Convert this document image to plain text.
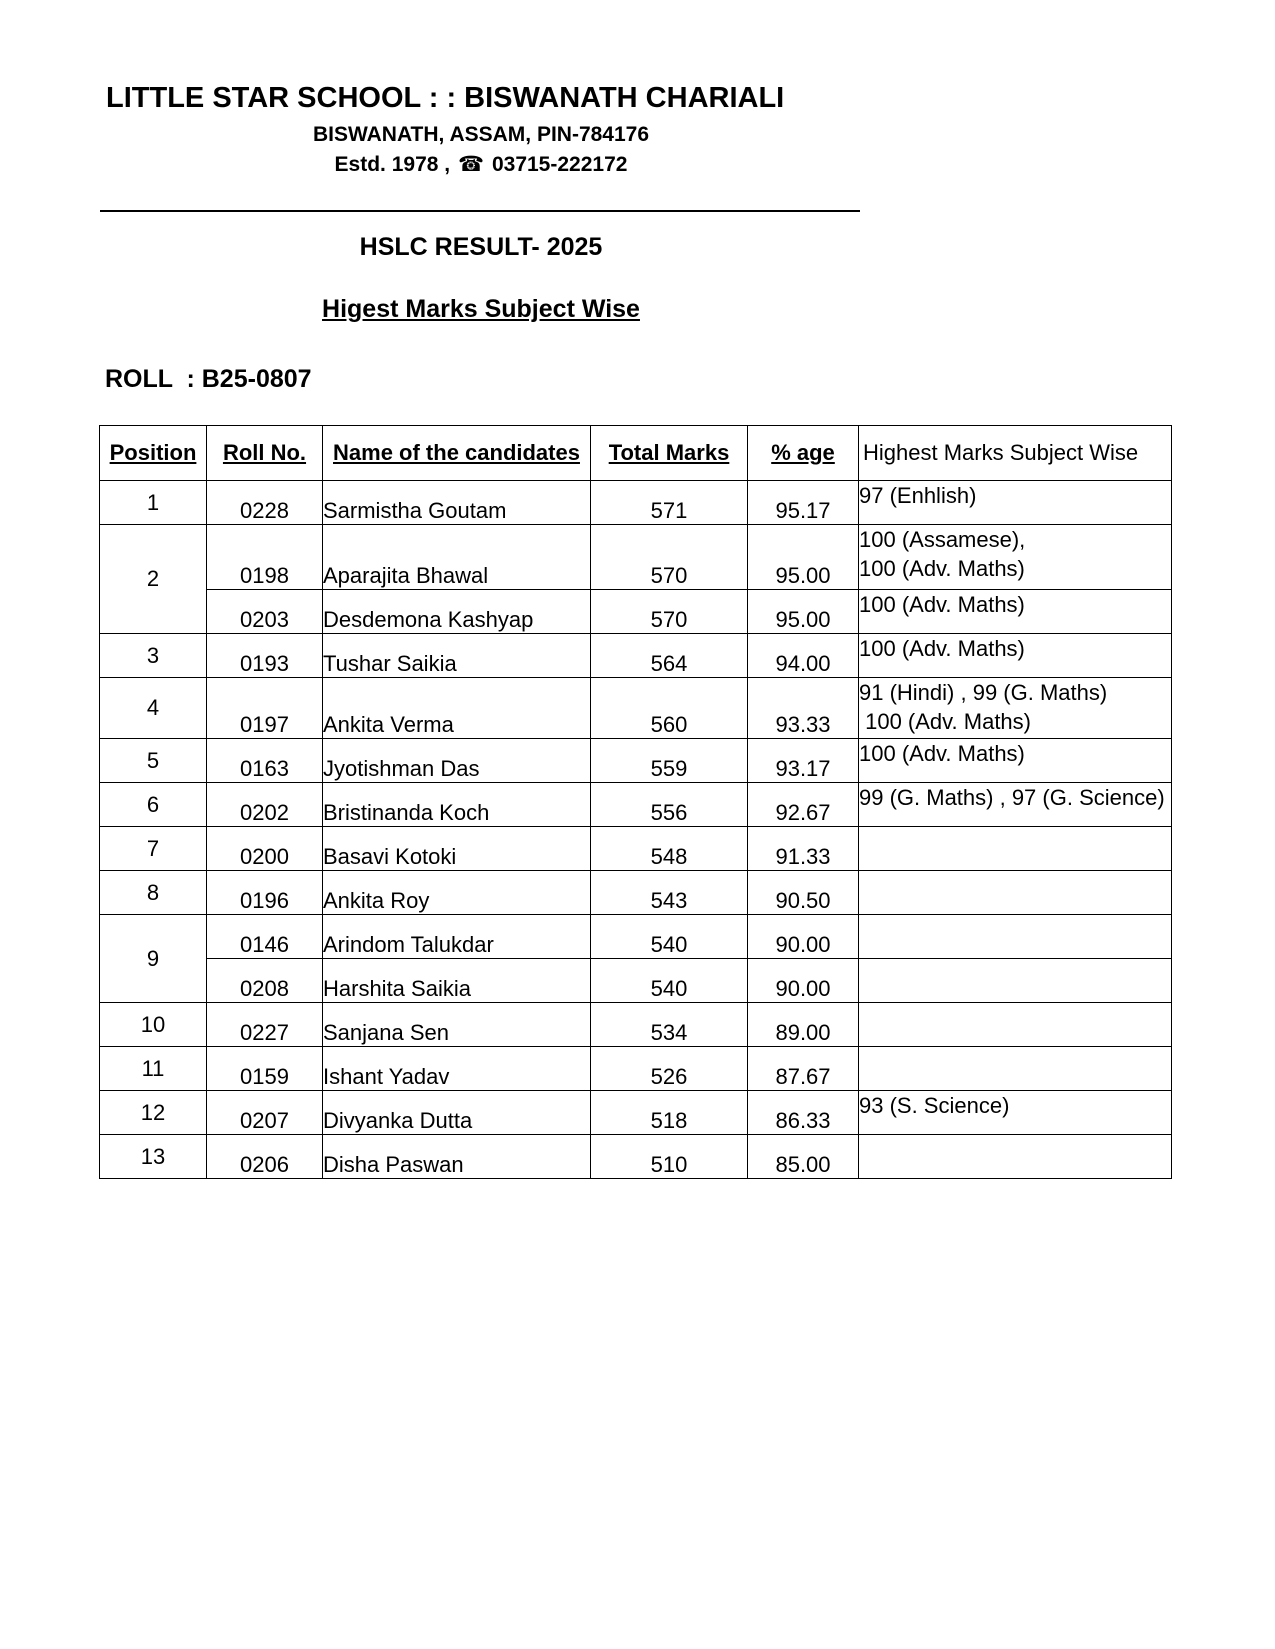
LITTLE STAR SCHOOL : : BISWANATH CHARIALI
BISWANATH, ASSAM, PIN-784176
Estd. 1978 , ☎ 03715-222172
HSLC RESULT- 2025
Higest Marks Subject Wise
ROLL  : B25-0807
Position	Roll No.	Name of the candidates	Total Marks	% age	Highest Marks Subject Wise
1	0228	Sarmistha Goutam	571	95.17	97 (Enhlish)

2	0198	Aparajita Bhawal	570	95.00	100 (Assamese),
100 (Adv. Maths)

	0203	Desdemona Kashyap	570	95.00	100 (Adv. Maths)

3	0193	Tushar Saikia	564	94.00	100 (Adv. Maths)

4	0197	Ankita Verma	560	93.33	91 (Hindi) , 99 (G. Maths)
100 (Adv. Maths)

5	0163	Jyotishman Das	559	93.17	100 (Adv. Maths)

6	0202	Bristinanda Koch	556	92.67	99 (G. Maths) , 97 (G. Science)

7	0200	Basavi Kotoki	548	91.33	
8	0196	Ankita Roy	543	90.50	
9	0146	Arindom Talukdar	540	90.00	
	0208	Harshita Saikia	540	90.00	
10	0227	Sanjana Sen	534	89.00	
11	0159	Ishant Yadav	526	87.67	
12	0207	Divyanka Dutta	518	86.33	93 (S. Science)

13	0206	Disha Paswan	510	85.00	
